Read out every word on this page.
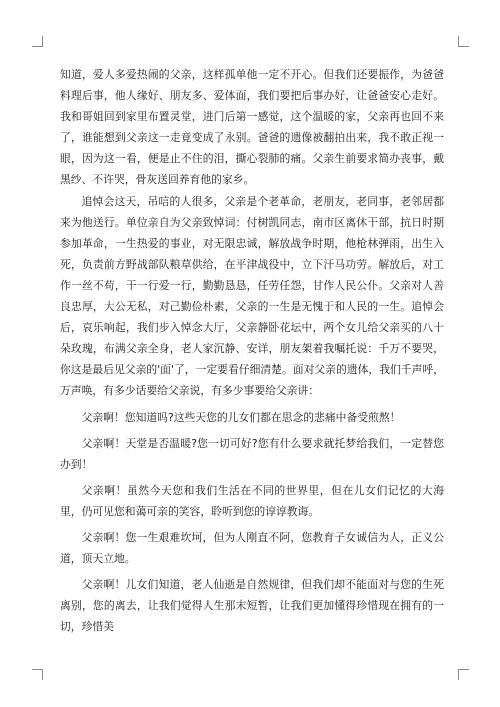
知道，爱人多爱热闹的父亲，这样孤单他一定不开心。但我们还要振作，为爸爸料理后事，他人缘好、朋友多、爱体面，我们要把后事办好，让爸爸安心走好。我和哥姐回到家里布置灵堂，进门后第一感觉，这个温暖的家，父亲再也回不来了，谁能想到父亲这一走竟变成了永别。爸爸的遗像被翻拍出来，我不敢正视一眼，因为这一看，便是止不住的泪，撕心裂肺的痛。父亲生前要求简办丧事，戴黑纱、不许哭，骨灰送回养育他的家乡。

追悼会这天，吊唁的人很多，父亲是个老革命，老朋友，老同事，老邻居都来为他送行。单位亲自为父亲致悼词：付树凯同志，南市区离休干部，抗日时期参加革命，一生热爱的事业，对无限忠诚，解放战争时期，他枪林弹雨，出生入死，负责前方野战部队粮草供给，在平津战役中，立下汗马功劳。解放后，对工作一丝不苟，干一行爱一行，勤勤恳恳，任劳任怨，甘作人民公仆。父亲对人善良忠厚，大公无私，对己勤俭朴素，父亲的一生是无愧于和人民的一生。追悼会后，哀乐响起，我们步入悼念大厅，父亲静卧花坛中，两个女儿给父亲买的八十朵玫瑰，布满父亲全身，老人家沉静、安详，朋友架着我嘱托说：千万不要哭，你这是最后见父亲的'面'了，一定要看仔细清楚。面对父亲的遗体，我们千声呼，万声唤，有多少话要给父亲说，有多少事要给父亲讲：

父亲啊！您知道吗?这些天您的儿女们都在思念的悲痛中备受煎熬！

父亲啊！天堂是否温暖?您一切可好?您有什么要求就托梦给我们，一定替您办到！

父亲啊！虽然今天您和我们生活在不同的世界里，但在儿女们记忆的大海里，仍可见您和蔼可亲的笑容，聆听到您的谆谆教诲。

父亲啊！您一生艰难坎坷，但为人刚直不阿，您教育子女诚信为人，正义公道，顶天立地。

父亲啊！儿女们知道，老人仙逝是自然规律，但我们却不能面对与您的生死离别，您的离去，让我们觉得人生那末短暂，让我们更加懂得珍惜现在拥有的一切，珍惜美
